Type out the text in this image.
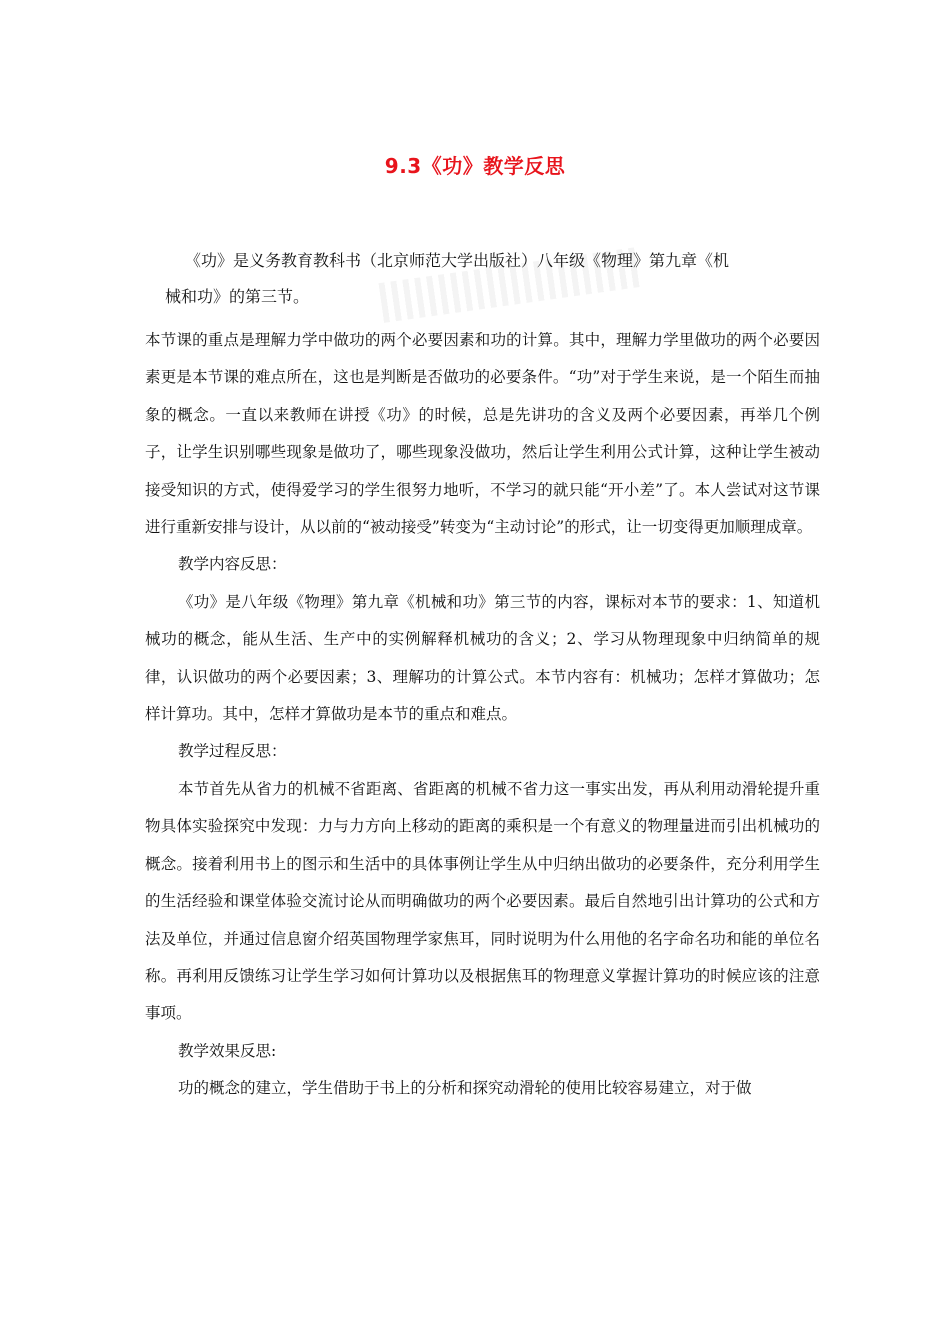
9.3《功》教学反思
《功》是义务教育教科书（北京师范大学出版社）八年级《物理》第九章《机
械和功》的第三节。

本节课的重点是理解力学中做功的两个必要因素和功的计算。其中，理解力学里做功的两个必要因素更是本节课的难点所在，这也是判断是否做功的必要条件。“功”对于学生来说，是一个陌生而抽象的概念。一直以来教师在讲授《功》的时候，总是先讲功的含义及两个必要因素，再举几个例子，让学生识别哪些现象是做功了，哪些现象没做功，然后让学生利用公式计算，这种让学生被动接受知识的方式，使得爱学习的学生很努力地听，不学习的就只能“开小差”了。本人尝试对这节课进行重新安排与设计，从以前的“被动接受”转变为“主动讨论”的形式，让一切变得更加顺理成章。

教学内容反思：

《功》是八年级《物理》第九章《机械和功》第三节的内容，课标对本节的要求：1、知道机械功的概念，能从生活、生产中的实例解释机械功的含义；2、学习从物理现象中归纳简单的规律，认识做功的两个必要因素；3、理解功的计算公式。本节内容有：机械功；怎样才算做功；怎样计算功。其中，怎样才算做功是本节的重点和难点。

教学过程反思：

本节首先从省力的机械不省距离、省距离的机械不省力这一事实出发，再从利用动滑轮提升重物具体实验探究中发现：力与力方向上移动的距离的乘积是一个有意义的物理量进而引出机械功的概念。接着利用书上的图示和生活中的具体事例让学生从中归纳出做功的必要条件，充分利用学生的生活经验和课堂体验交流讨论从而明确做功的两个必要因素。最后自然地引出计算功的公式和方法及单位，并通过信息窗介绍英国物理学家焦耳，同时说明为什么用他的名字命名功和能的单位名称。再利用反馈练习让学生学习如何计算功以及根据焦耳的物理意义掌握计算功的时候应该的注意事项。

教学效果反思:

功的概念的建立，学生借助于书上的分析和探究动滑轮的使用比较容易建立，对于做
